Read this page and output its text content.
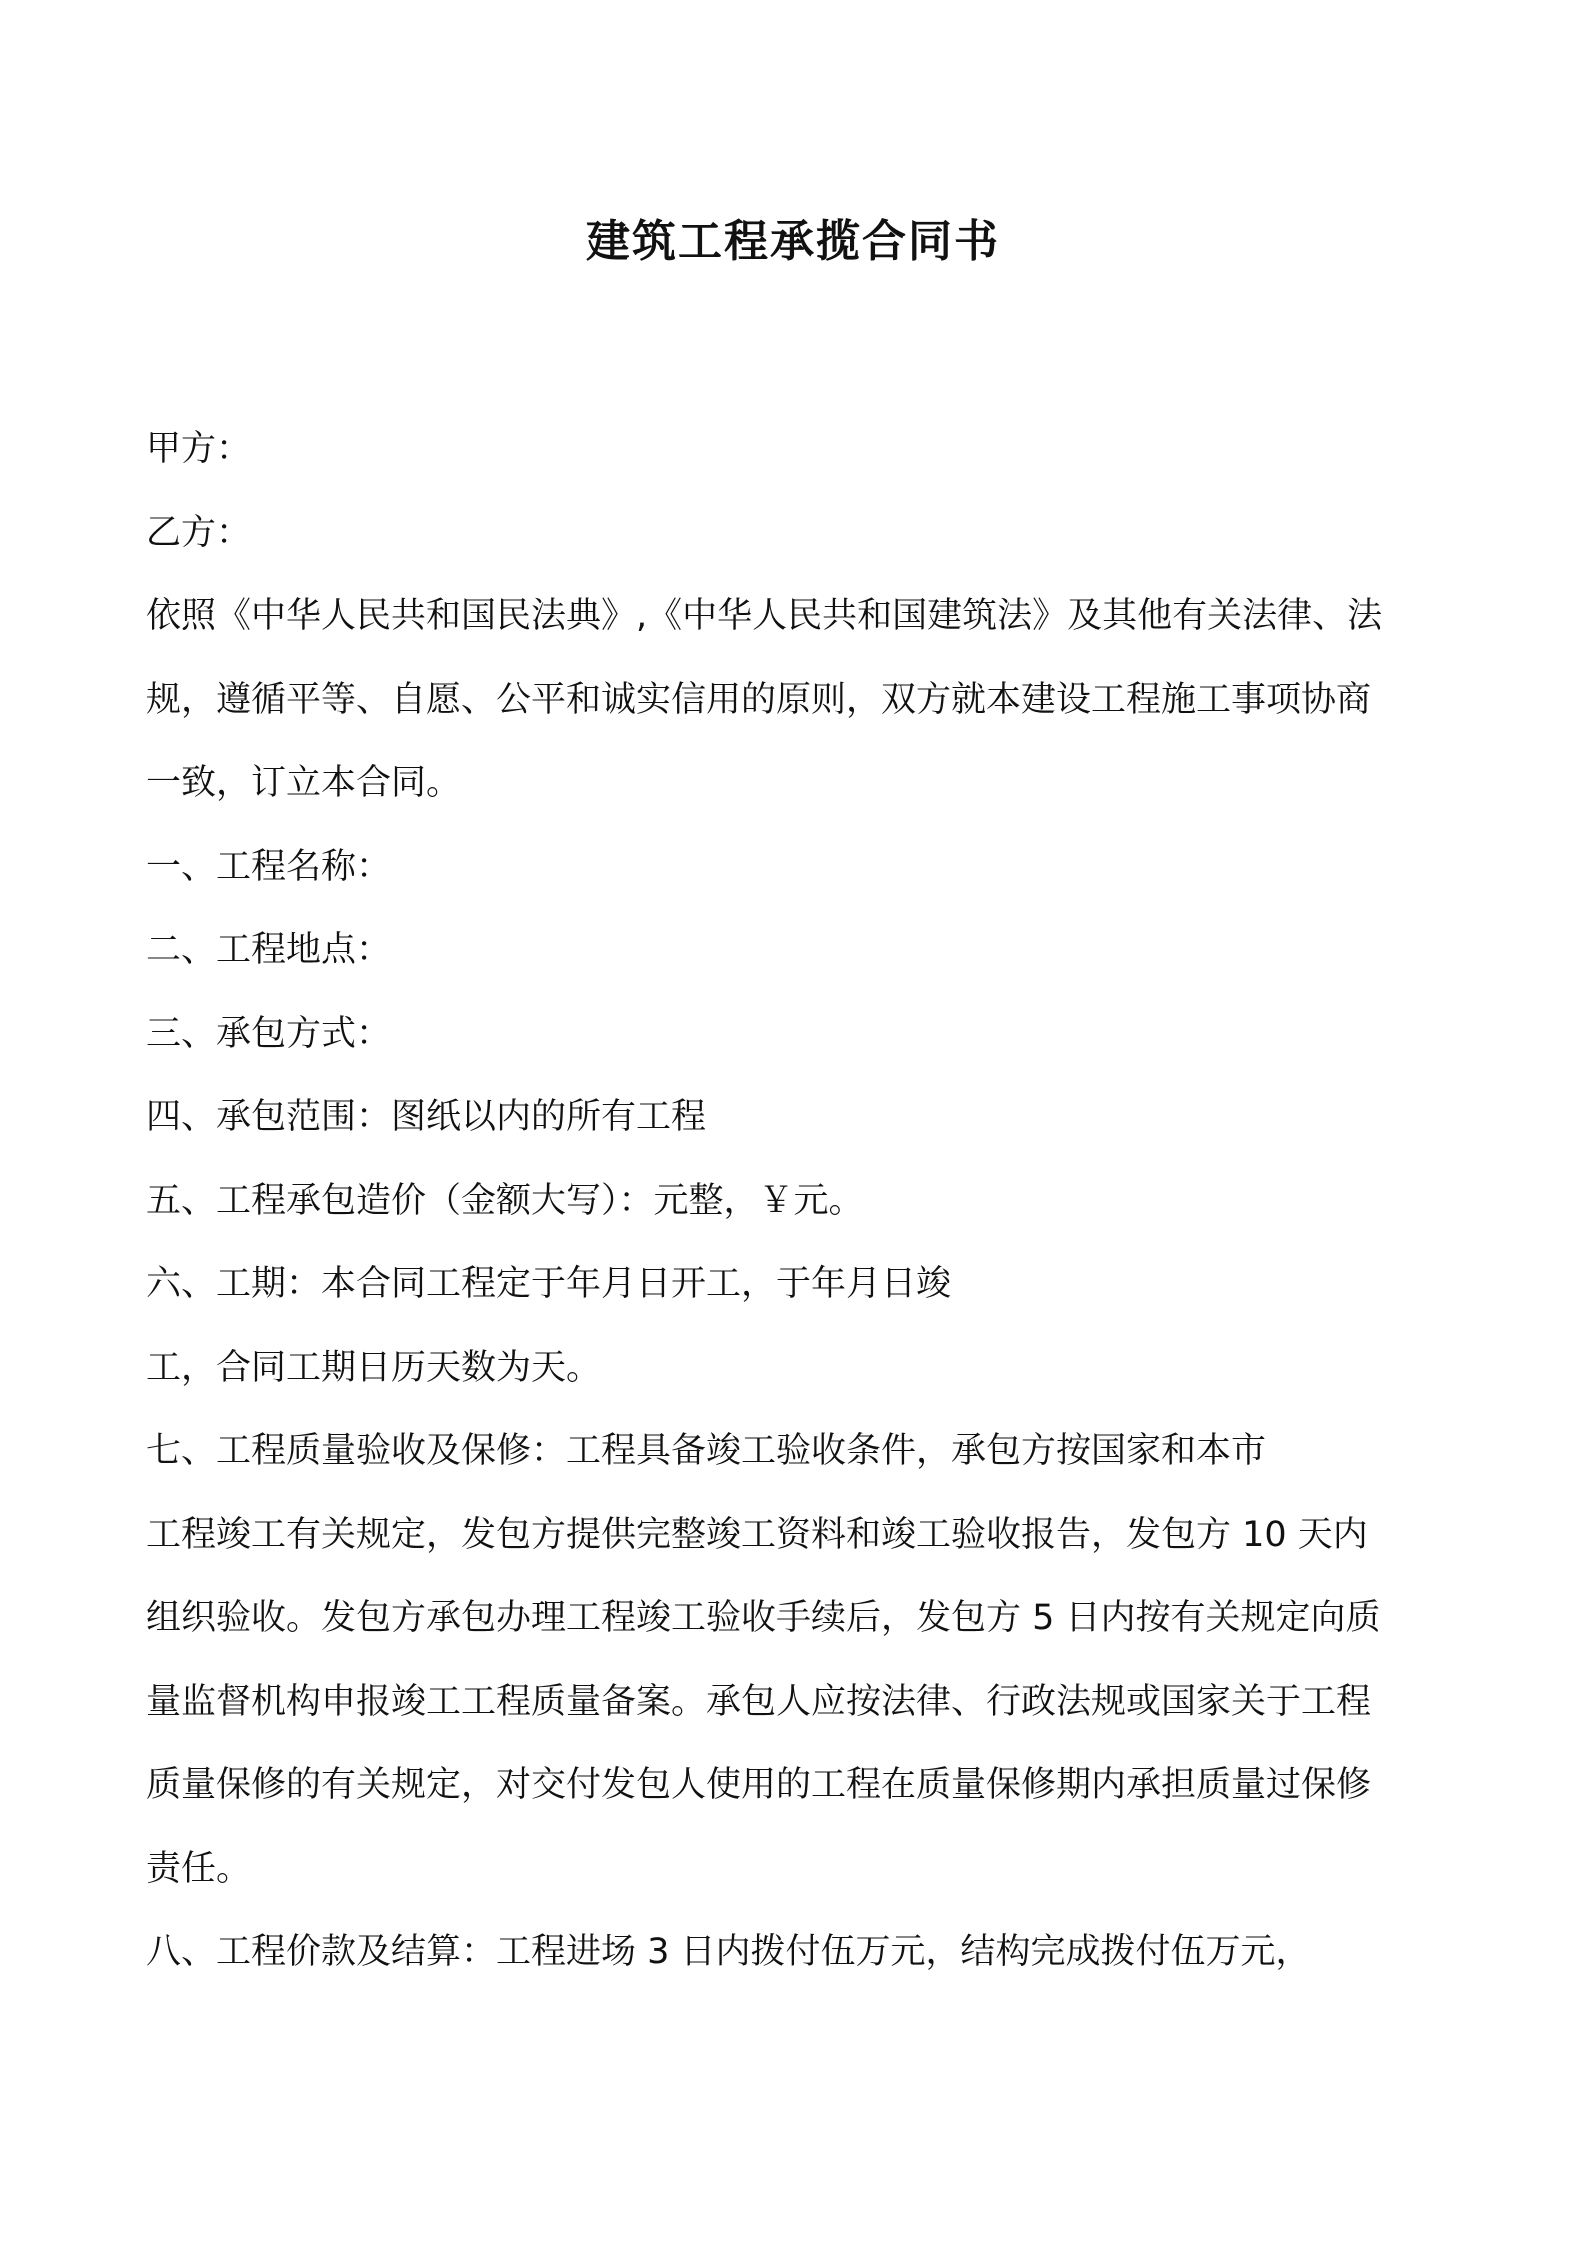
建筑工程承揽合同书
甲方：
乙方：
依照《中华人民共和国民法典》,《中华人民共和国建筑法》及其他有关法律、法
规，遵循平等、自愿、公平和诚实信用的原则，双方就本建设工程施工事项协商
一致，订立本合同。
一、工程名称：
二、工程地点：
三、承包方式：
四、承包范围：图纸以内的所有工程
五、工程承包造价（金额大写）：元整，￥元。
六、工期：本合同工程定于年月日开工，于年月日竣
工，合同工期日历天数为天。
七、工程质量验收及保修：工程具备竣工验收条件，承包方按国家和本市
工程竣工有关规定，发包方提供完整竣工资料和竣工验收报告，发包方 10 天内
组织验收。发包方承包办理工程竣工验收手续后，发包方 5 日内按有关规定向质
量监督机构申报竣工工程质量备案。承包人应按法律、行政法规或国家关于工程
质量保修的有关规定，对交付发包人使用的工程在质量保修期内承担质量过保修
责任。
八、工程价款及结算：工程进场 3 日内拨付伍万元，结构完成拨付伍万元，
